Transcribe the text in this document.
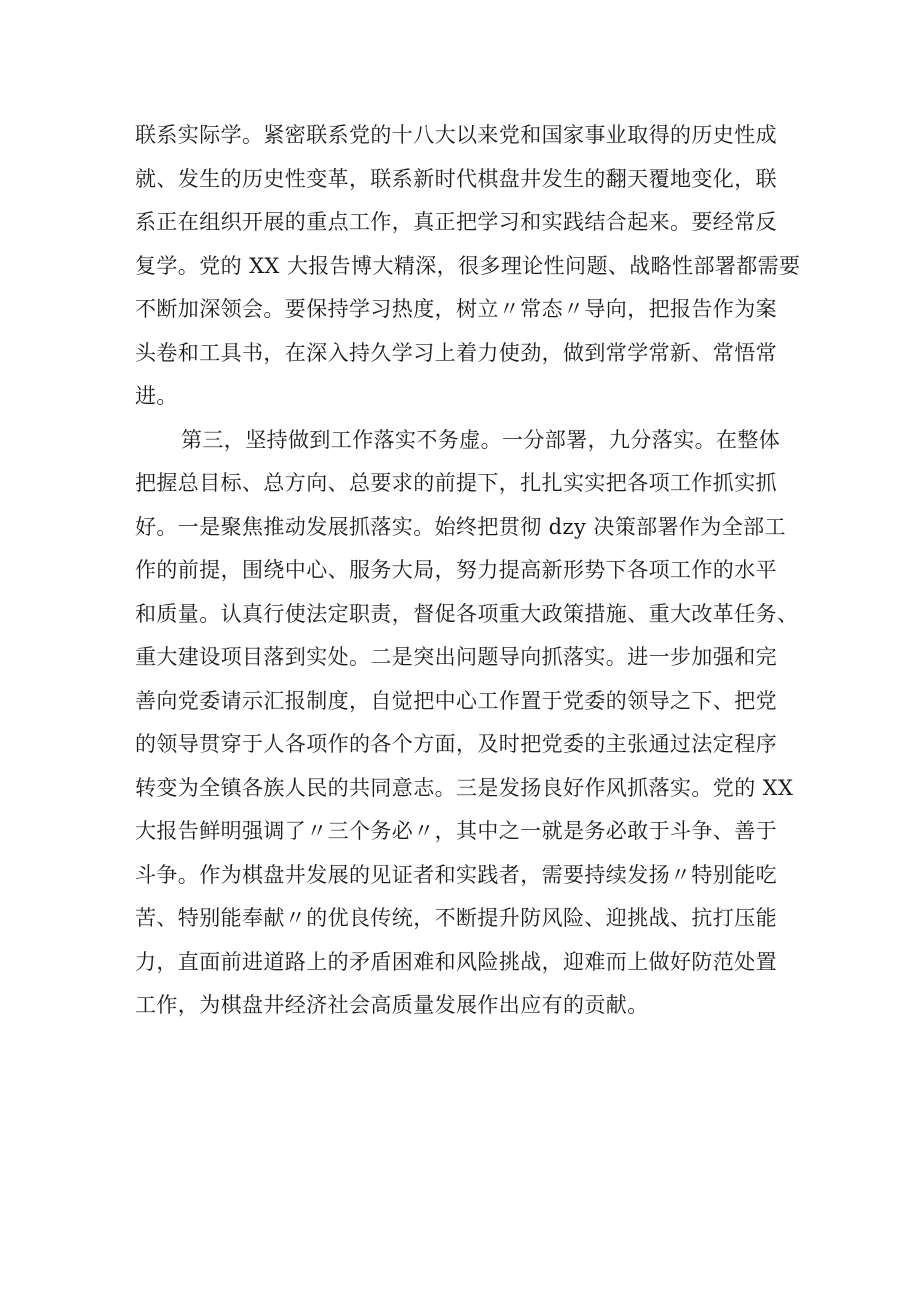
联系实际学。紧密联系党的十八大以来党和国家事业取得的历史性成
就、发生的历史性变革，联系新时代棋盘井发生的翻天覆地变化，联
系正在组织开展的重点工作，真正把学习和实践结合起来。要经常反
复学。党的 XX 大报告博大精深，很多理论性问题、战略性部署都需要
不断加深领会。要保持学习热度，树立〃常态〃导向，把报告作为案
头卷和工具书，在深入持久学习上着力使劲，做到常学常新、常悟常
进。
第三，坚持做到工作落实不务虚。一分部署，九分落实。在整体
把握总目标、总方向、总要求的前提下，扎扎实实把各项工作抓实抓
好。一是聚焦推动发展抓落实。始终把贯彻 dzy 决策部署作为全部工
作的前提，围绕中心、服务大局，努力提高新形势下各项工作的水平
和质量。认真行使法定职责，督促各项重大政策措施、重大改革任务、
重大建设项目落到实处。二是突出问题导向抓落实。进一步加强和完
善向党委请示汇报制度，自觉把中心工作置于党委的领导之下、把党
的领导贯穿于人各项作的各个方面，及时把党委的主张通过法定程序
转变为全镇各族人民的共同意志。三是发扬良好作风抓落实。党的 XX
大报告鲜明强调了〃三个务必〃，其中之一就是务必敢于斗争、善于
斗争。作为棋盘井发展的见证者和实践者，需要持续发扬〃特别能吃
苦、特别能奉献〃的优良传统，不断提升防风险、迎挑战、抗打压能
力，直面前进道路上的矛盾困难和风险挑战，迎难而上做好防范处置
工作，为棋盘井经济社会高质量发展作出应有的贡献。
